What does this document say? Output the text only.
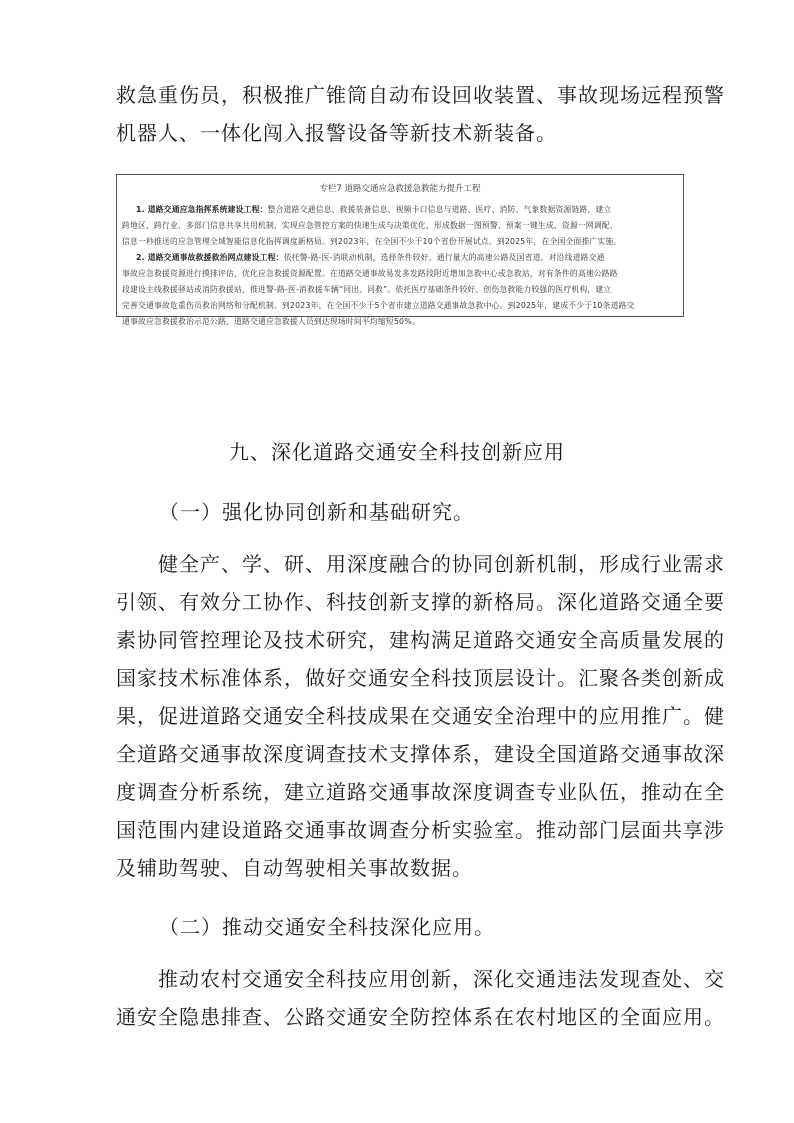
救急重伤员，积极推广锥筒自动布设回收装置、事故现场远程预警
机器人、一体化闯入报警设备等新技术新装备。
专栏7 道路交通应急救援急救能力提升工程
1. 道路交通应急指挥系统建设工程：整合道路交通信息、救援装备信息、视频卡口信息与道路、医疗、消防、气象数据资源链路，建立
跨地区、跨行业、多部门信息共享共用机制，实现应急管控方案的快速生成与决策优化，形成数据一图预警、预案一键生成、资源一网调配、
信息一秒推送的应急管理全域智能信息化指挥调度新格局。到2023年，在全国不少于10个省份开展试点。到2025年，在全国全面推广实施。
2. 道路交通事故救援救治网点建设工程：依托警-路-医-消联动机制，选择条件较好、通行量大的高速公路及国省道，对沿线道路交通
事故应急救援资源进行摸排评估，优化应急救援资源配置。在道路交通事故易发多发路段附近增加急救中心或急救站，对有条件的高速公路路
段建设主线救援驿站或消防救援站，推进警-路-医-消救援车辆“同出、同救”。依托医疗基础条件较好、创伤急救能力较强的医疗机构，建立
完善交通事故危重伤员救治网络和分配机制。到2023年，在全国不少于5个省市建立道路交通事故急救中心。到2025年，建成不少于10条道路交
通事故应急救援救治示范公路，道路交通应急救援人员到达现场时间平均缩短50%。
九、深化道路交通安全科技创新应用
（一）强化协同创新和基础研究。
健全产、学、研、用深度融合的协同创新机制，形成行业需求
引领、有效分工协作、科技创新支撑的新格局。深化道路交通全要
素协同管控理论及技术研究，建构满足道路交通安全高质量发展的
国家技术标准体系，做好交通安全科技顶层设计。汇聚各类创新成
果，促进道路交通安全科技成果在交通安全治理中的应用推广。健
全道路交通事故深度调查技术支撑体系，建设全国道路交通事故深
度调查分析系统，建立道路交通事故深度调查专业队伍，推动在全
国范围内建设道路交通事故调查分析实验室。推动部门层面共享涉
及辅助驾驶、自动驾驶相关事故数据。
（二）推动交通安全科技深化应用。
推动农村交通安全科技应用创新，深化交通违法发现查处、交
通安全隐患排查、公路交通安全防控体系在农村地区的全面应用。
